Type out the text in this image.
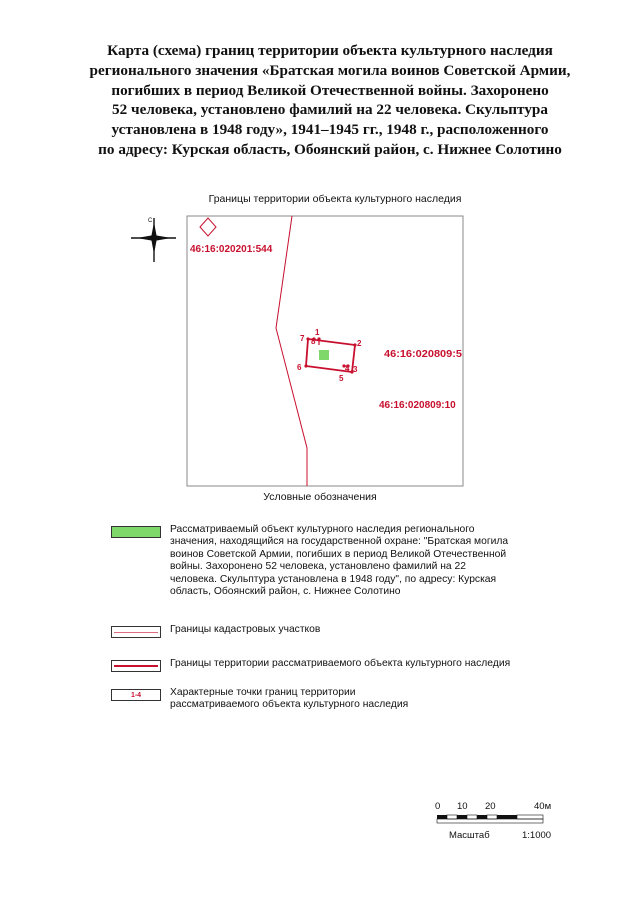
Карта (схема) границ территории объекта культурного наследия
регионального значения «Братская могила воинов Советской Армии,
погибших в период Великой Отечественной войны. Захоронено
52 человека, установлено фамилий на 22 человека. Скульптура
установлена в 1948 году», 1941–1945 гг., 1948 г., расположенного
по адресу: Курская область, Обоянский район, с. Нижнее Солотино
Границы территории объекта культурного наследия
С
1
2
3
4
5
6
7 8
46:16:020201:544
46:16:020809:5
46:16:020809:10
Условные обозначения
Рассматриваемый объект культурного наследия регионального
значения, находящийся на государственной охране: "Братская могила
воинов Советской Армии, погибших в период Великой Отечественной
войны. Захоронено 52 человека, установлено фамилий на 22
человека. Скульптура установлена в 1948 году", по адресу: Курская
область, Обоянский район, с. Нижнее Солотино
Границы кадастровых участков
Границы территории рассматриваемого объекта культурного наследия
1-4	Характерные точки границ территории
рассматриваемого объекта культурного наследия
0 10 20	40м
Масштаб	1:1000
